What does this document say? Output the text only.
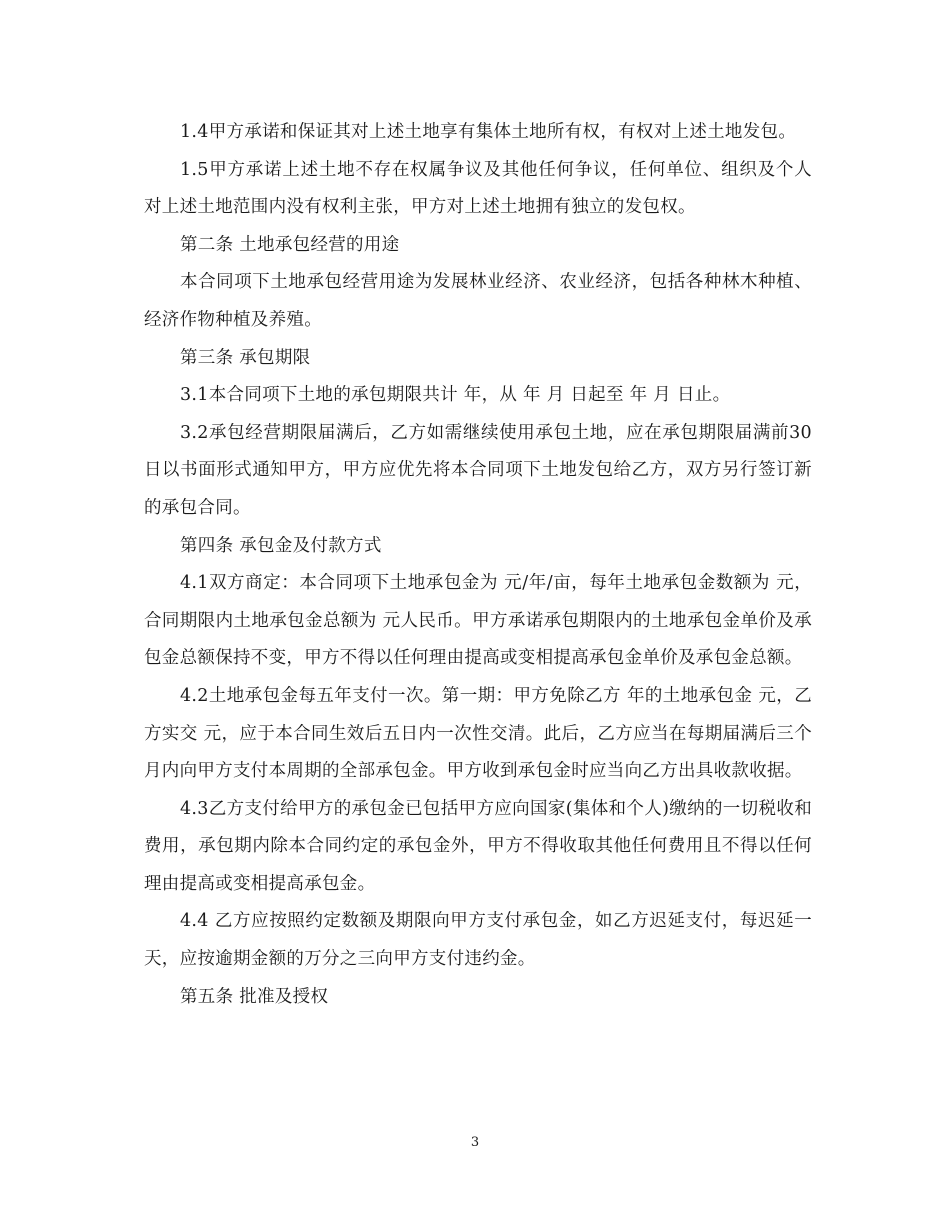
1.4甲方承诺和保证其对上述土地享有集体土地所有权，有权对上述土地发包。

1.5甲方承诺上述土地不存在权属争议及其他任何争议，任何单位、组织及个人对上述土地范围内没有权利主张，甲方对上述土地拥有独立的发包权。

第二条 土地承包经营的用途

本合同项下土地承包经营用途为发展林业经济、农业经济，包括各种林木种植、经济作物种植及养殖。

第三条 承包期限

3.1本合同项下土地的承包期限共计 年，从 年 月 日起至 年 月 日止。

3.2承包经营期限届满后，乙方如需继续使用承包土地，应在承包期限届满前30日以书面形式通知甲方，甲方应优先将本合同项下土地发包给乙方，双方另行签订新的承包合同。

第四条 承包金及付款方式

4.1双方商定：本合同项下土地承包金为 元/年/亩，每年土地承包金数额为 元，合同期限内土地承包金总额为 元人民币。甲方承诺承包期限内的土地承包金单价及承包金总额保持不变，甲方不得以任何理由提高或变相提高承包金单价及承包金总额。

4.2土地承包金每五年支付一次。第一期：甲方免除乙方 年的土地承包金 元，乙方实交 元，应于本合同生效后五日内一次性交清。此后，乙方应当在每期届满后三个月内向甲方支付本周期的全部承包金。甲方收到承包金时应当向乙方出具收款收据。

4.3乙方支付给甲方的承包金已包括甲方应向国家(集体和个人)缴纳的一切税收和费用，承包期内除本合同约定的承包金外，甲方不得收取其他任何费用且不得以任何理由提高或变相提高承包金。

4.4 乙方应按照约定数额及期限向甲方支付承包金，如乙方迟延支付，每迟延一天，应按逾期金额的万分之三向甲方支付违约金。

第五条 批准及授权

3
